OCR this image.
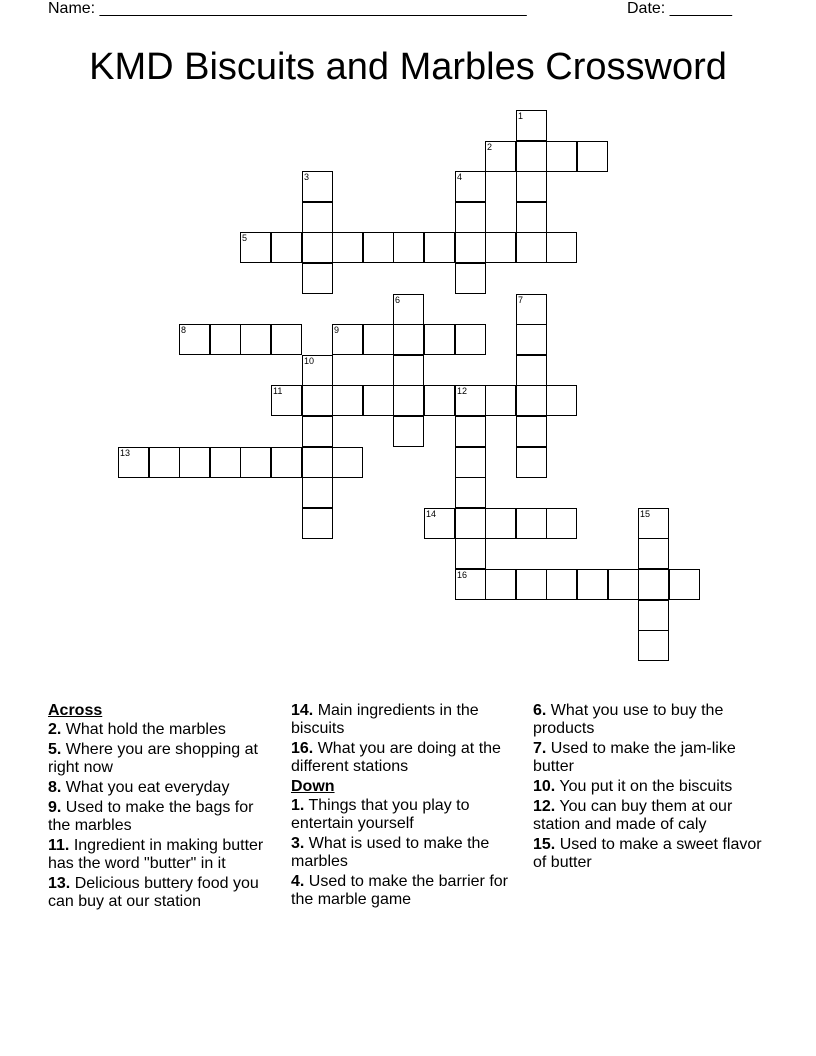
Name: ________________________________________________	Date: _______
KMD Biscuits and Marbles Crossword
1
2
3	4
5
6	7
8	9
10
11	12
13
14	15
16
Across
2. What hold the marbles
5. Where you are shopping at right now
8. What you eat everyday
9. Used to make the bags for the marbles
11. Ingredient in making butter has the word "butter" in it
13. Delicious buttery food you can buy at our station
14. Main ingredients in the biscuits
16. What you are doing at the different stations
Down
1. Things that you play to entertain yourself
3. What is used to make the marbles
4. Used to make the barrier for the marble game
6. What you use to buy the products
7. Used to make the jam-like butter
10. You put it on the biscuits
12. You can buy them at our station and made of caly
15. Used to make a sweet flavor of butter
